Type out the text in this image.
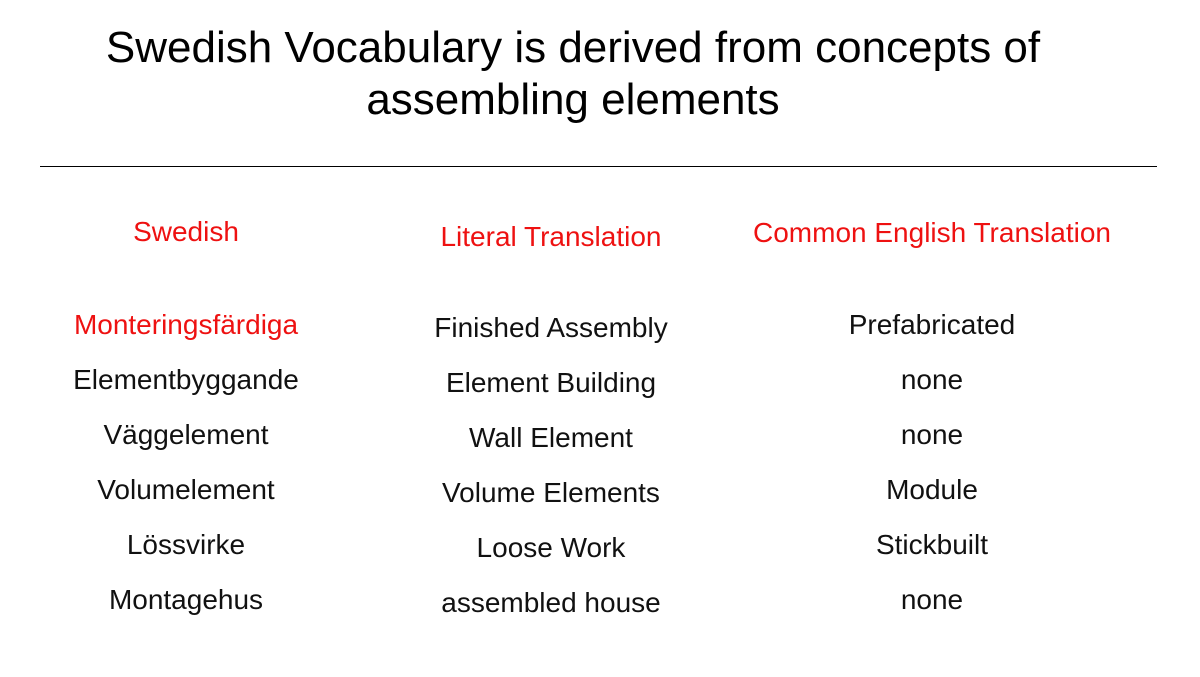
Swedish Vocabulary is derived from concepts of
assembling elements
Swedish
Monteringsfärdiga
Elementbyggande
Väggelement
Volumelement
Lössvirke
Montagehus
Literal Translation
Finished Assembly
Element Building
Wall Element
Volume Elements
Loose Work
assembled house
Common English Translation
Prefabricated
none
none
Module
Stickbuilt
none
